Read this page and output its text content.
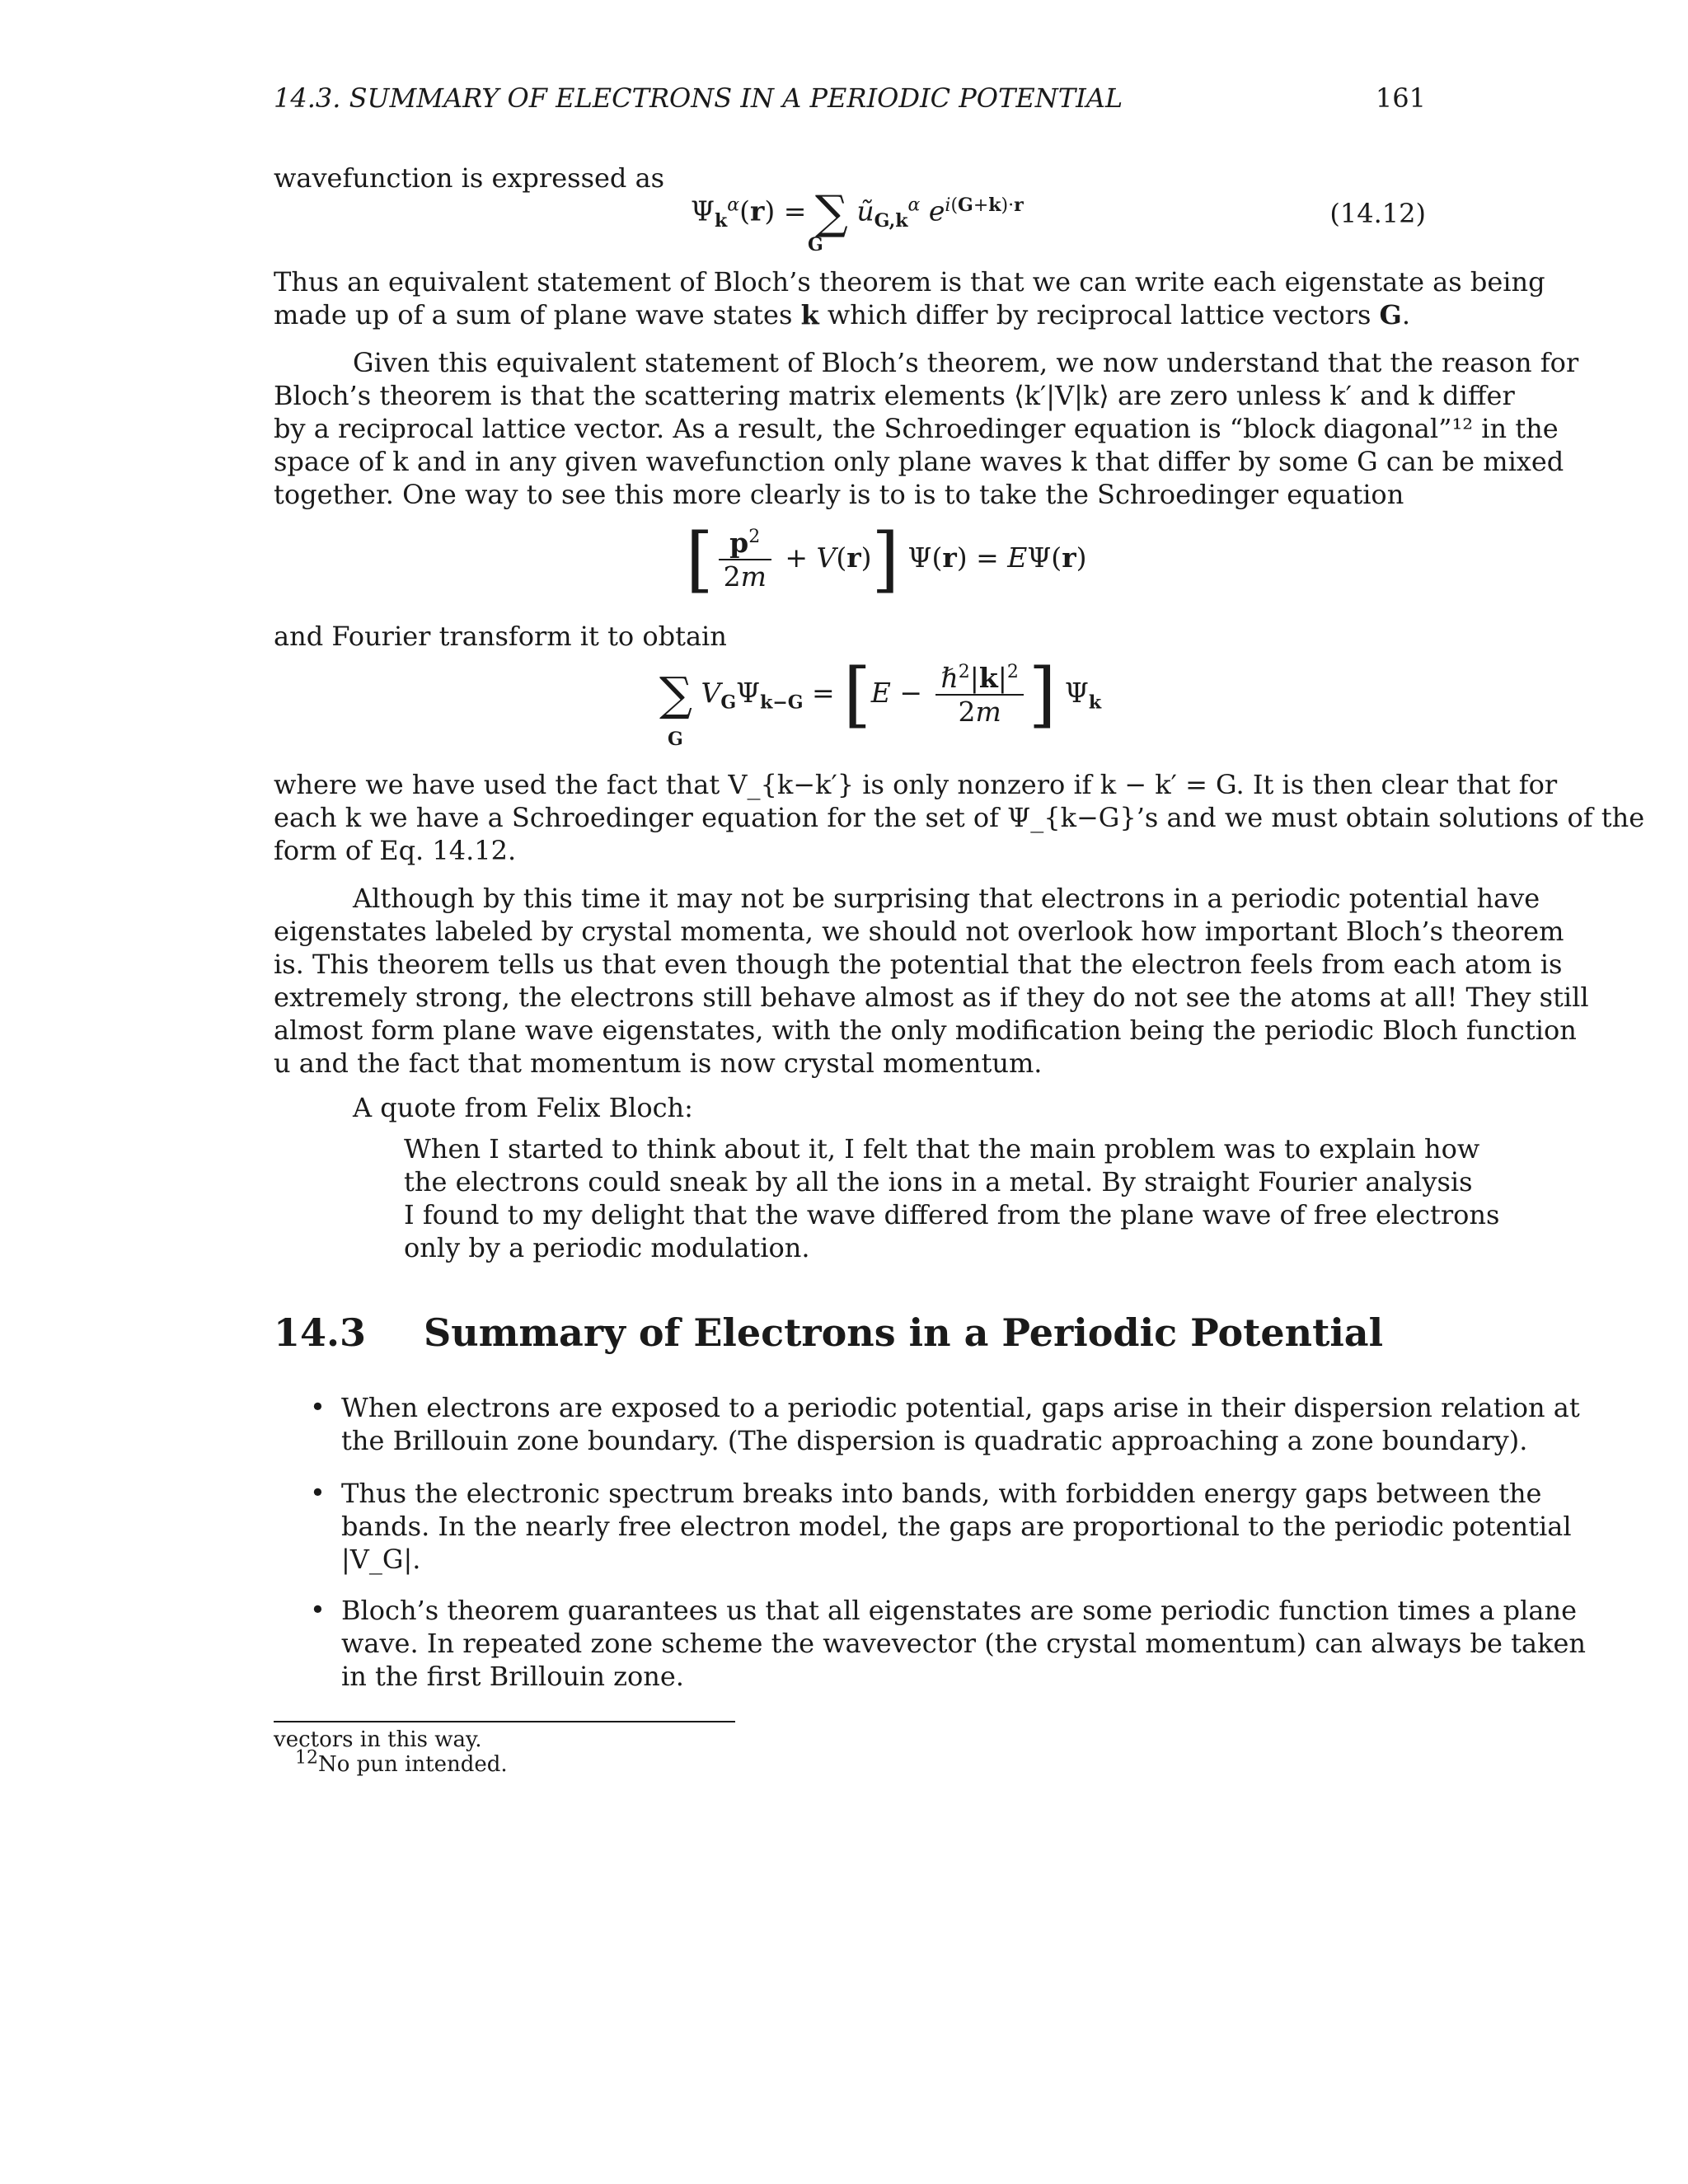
14.3. SUMMARY OF ELECTRONS IN A PERIODIC POTENTIAL	161
wavefunction is expressed as
$\Psi_k^\alpha(r)$ = ∑ $ũ_{G,k}^\alpha$ $e^{i(G+k)\cdot r}$
G
(14.12)
Thus an equivalent statement of Bloch’s theorem is that we can write each eigenstate as being
made up of a sum of plane wave states k which differ by reciprocal lattice vectors G.
Given this equivalent statement of Bloch’s theorem, we now understand that the reason for
Bloch’s theorem is that the scattering matrix elements ⟨k′|V|k⟩ are zero unless k′ and k differ
by a reciprocal lattice vector. As a result, the Schroedinger equation is “block diagonal”¹² in the
space of k and in any given wavefunction only plane waves k that differ by some G can be mixed
together. One way to see this more clearly is to is to take the Schroedinger equation
[ $\frac{p^2}{2m} + V(r)$] Ψ(r) = EΨ(r)
and Fourier transform it to obtain
∑ $V_G\Psi_{k-G} = [E - \frac{\hbar^2|k|^2}{2m}$ ] $\Psi_k$
G
where we have used the fact that V_{k−k′} is only nonzero if k − k′ = G. It is then clear that for
each k we have a Schroedinger equation for the set of Ψ_{k−G}’s and we must obtain solutions of the
form of Eq. 14.12.
Although by this time it may not be surprising that electrons in a periodic potential have
eigenstates labeled by crystal momenta, we should not overlook how important Bloch’s theorem
is. This theorem tells us that even though the potential that the electron feels from each atom is
extremely strong, the electrons still behave almost as if they do not see the atoms at all! They still
almost form plane wave eigenstates, with the only modification being the periodic Bloch function
u and the fact that momentum is now crystal momentum.
A quote from Felix Bloch:
When I started to think about it, I felt that the main problem was to explain how
the electrons could sneak by all the ions in a metal. By straight Fourier analysis
I found to my delight that the wave differed from the plane wave of free electrons
only by a periodic modulation.
14.3 Summary of Electrons in a Periodic Potential
• When electrons are exposed to a periodic potential, gaps arise in their dispersion relation at
the Brillouin zone boundary. (The dispersion is quadratic approaching a zone boundary).
• Thus the electronic spectrum breaks into bands, with forbidden energy gaps between the
bands. In the nearly free electron model, the gaps are proportional to the periodic potential
|V_G|.
• Bloch’s theorem guarantees us that all eigenstates are some periodic function times a plane
wave. In repeated zone scheme the wavevector (the crystal momentum) can always be taken
in the first Brillouin zone.
vectors in this way.
$^{12}$No pun intended.
